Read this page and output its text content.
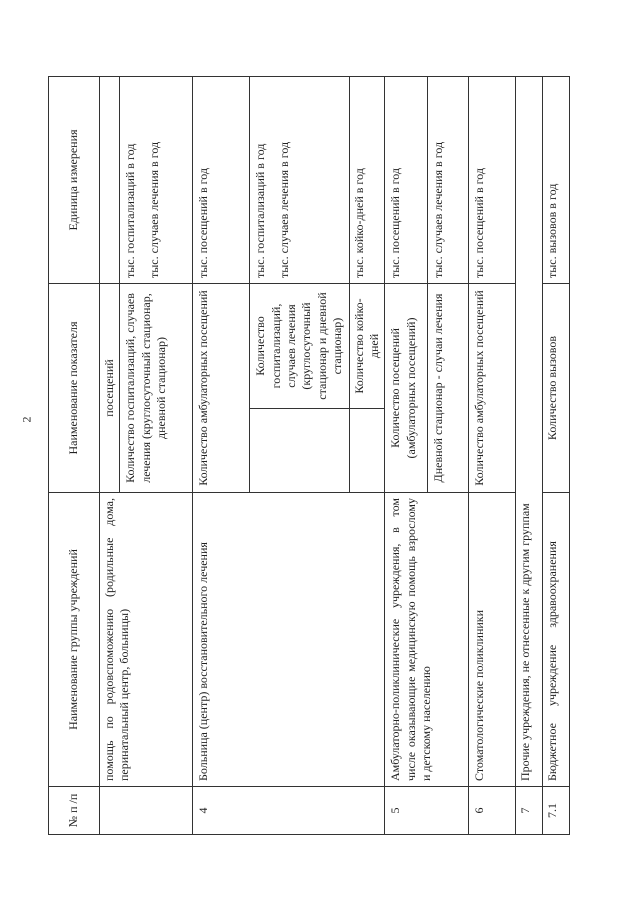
2
№ п /п	Наименование группы учреждений	Наименование показателя		Единица измерения
	помощь по родовспоможению (родильные дома, перинатальный центр, больницы)	посещений		
		Количество госпитализаций, случаев лечения (круглосуточный стационар, дневной стационар)		тыс. госпитализаций в год тыс. случаев лечения в год

4	Больница (центр) восстановительного лечения	Количество амбулаторных посещений		тыс. посещений в год
			Количество госпитализаций, случаев лечения (круглосуточный стационар и дневной стационар)	тыс. госпитализаций в год тыс. случаев лечения в год

			Количество койко-дней	тыс. койко-дней в год
5	Амбулаторно-поликлинические учреждения, в том числе оказывающие медицинскую помощь взрослому и детскому населению	Количество посещений (амбулаторных посещений)		тыс. посещений в год
		Дневной стационар - случаи лечения		тыс. случаев лечения в год
6	Стоматологические поликлиники	Количество амбулаторных посещений		тыс. посещений в год
7	Прочие учреждения, не отнесенные к другим группам			
7.1	Бюджетное учреждение здравоохранения	Количество вызовов		тыс. вызовов в год
